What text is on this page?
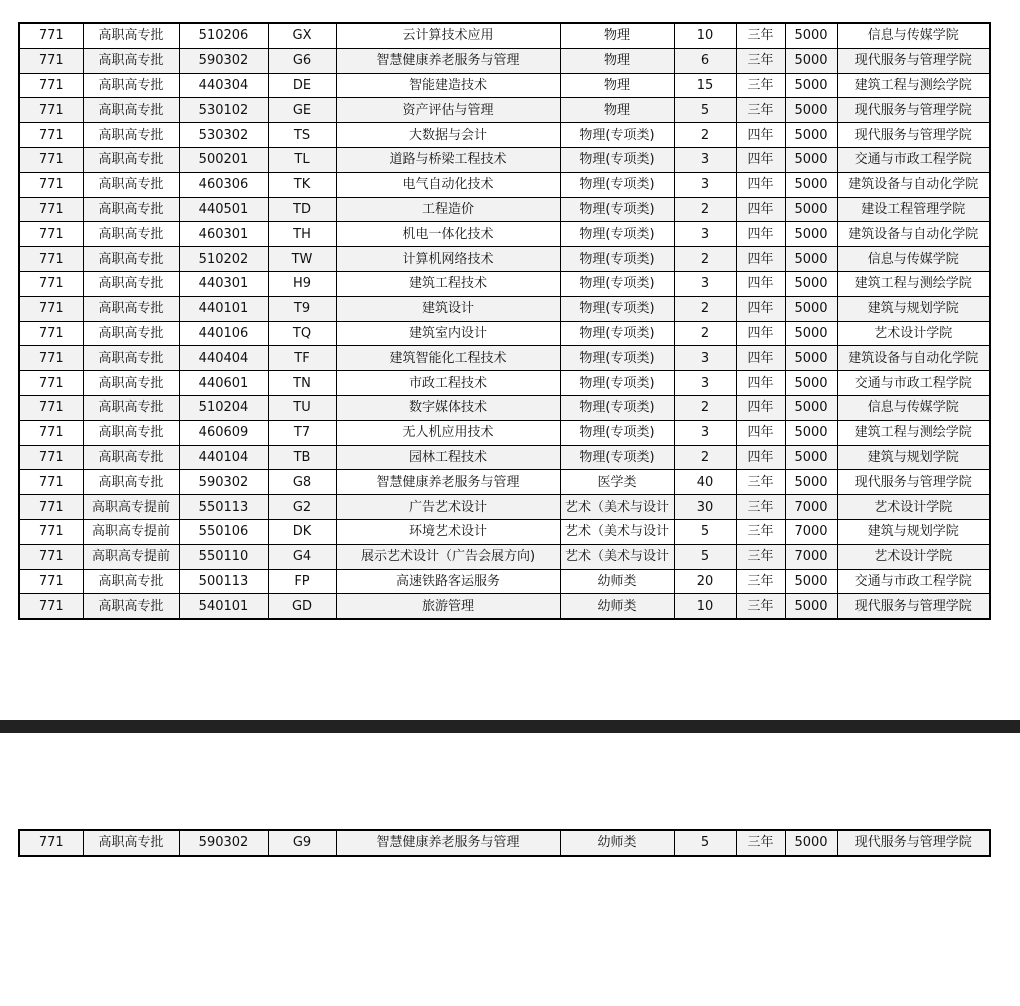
771	高职高专批	510206	GX	云计算技术应用	物理	10	三年	5000	信息与传媒学院
771	高职高专批	590302	G6	智慧健康养老服务与管理	物理	6	三年	5000	现代服务与管理学院
771	高职高专批	440304	DE	智能建造技术	物理	15	三年	5000	建筑工程与测绘学院
771	高职高专批	530102	GE	资产评估与管理	物理	5	三年	5000	现代服务与管理学院
771	高职高专批	530302	TS	大数据与会计	物理(专项类)	2	四年	5000	现代服务与管理学院
771	高职高专批	500201	TL	道路与桥梁工程技术	物理(专项类)	3	四年	5000	交通与市政工程学院
771	高职高专批	460306	TK	电气自动化技术	物理(专项类)	3	四年	5000	建筑设备与自动化学院
771	高职高专批	440501	TD	工程造价	物理(专项类)	2	四年	5000	建设工程管理学院
771	高职高专批	460301	TH	机电一体化技术	物理(专项类)	3	四年	5000	建筑设备与自动化学院
771	高职高专批	510202	TW	计算机网络技术	物理(专项类)	2	四年	5000	信息与传媒学院
771	高职高专批	440301	H9	建筑工程技术	物理(专项类)	3	四年	5000	建筑工程与测绘学院
771	高职高专批	440101	T9	建筑设计	物理(专项类)	2	四年	5000	建筑与规划学院
771	高职高专批	440106	TQ	建筑室内设计	物理(专项类)	2	四年	5000	艺术设计学院
771	高职高专批	440404	TF	建筑智能化工程技术	物理(专项类)	3	四年	5000	建筑设备与自动化学院
771	高职高专批	440601	TN	市政工程技术	物理(专项类)	3	四年	5000	交通与市政工程学院
771	高职高专批	510204	TU	数字媒体技术	物理(专项类)	2	四年	5000	信息与传媒学院
771	高职高专批	460609	T7	无人机应用技术	物理(专项类)	3	四年	5000	建筑工程与测绘学院
771	高职高专批	440104	TB	园林工程技术	物理(专项类)	2	四年	5000	建筑与规划学院
771	高职高专批	590302	G8	智慧健康养老服务与管理	医学类	40	三年	5000	现代服务与管理学院
771	高职高专提前	550113	G2	广告艺术设计	艺术（美术与设计	30	三年	7000	艺术设计学院
771	高职高专提前	550106	DK	环境艺术设计	艺术（美术与设计	5	三年	7000	建筑与规划学院
771	高职高专提前	550110	G4	展示艺术设计（广告会展方向)	艺术（美术与设计	5	三年	7000	艺术设计学院
771	高职高专批	500113	FP	高速铁路客运服务	幼师类	20	三年	5000	交通与市政工程学院
771	高职高专批	540101	GD	旅游管理	幼师类	10	三年	5000	现代服务与管理学院
771	高职高专批	590302	G9	智慧健康养老服务与管理	幼师类	5	三年	5000	现代服务与管理学院
